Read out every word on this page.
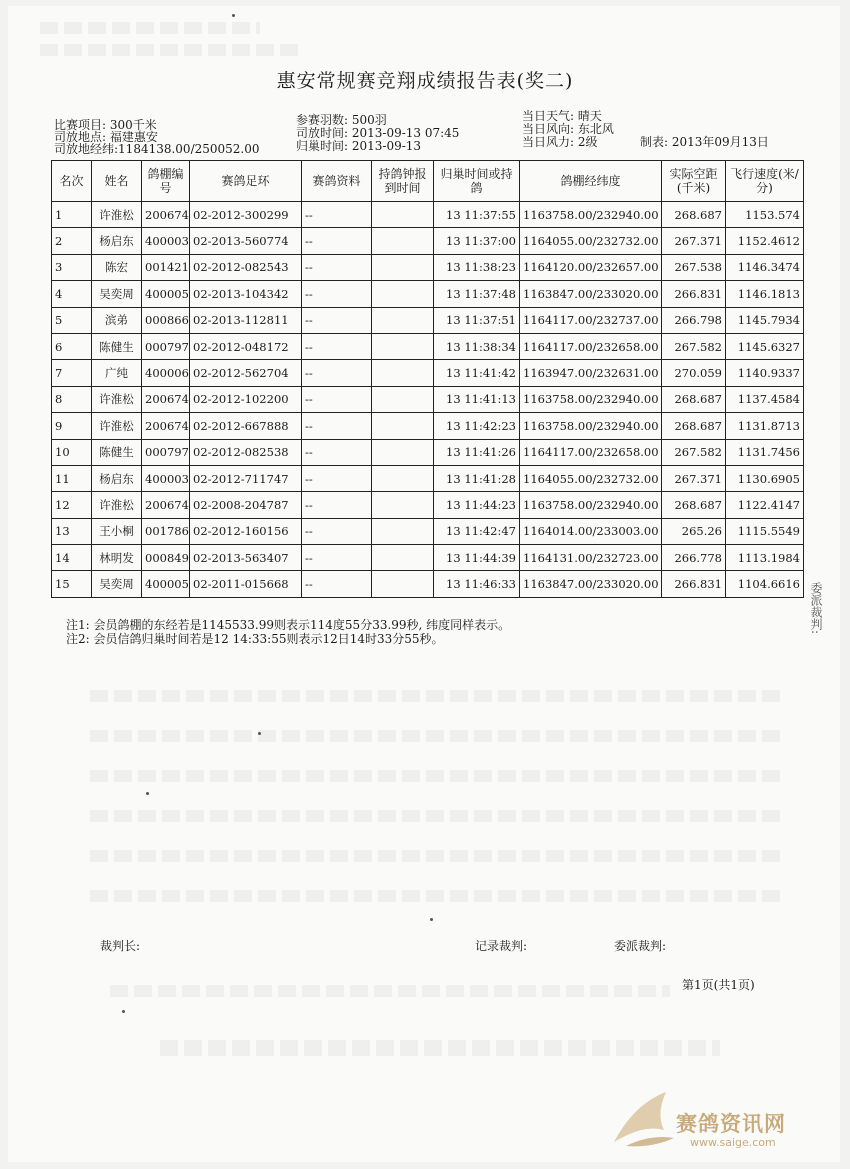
惠安常规赛竞翔成绩报告表(奖二)
比赛项目: 300千米
司放地点: 福建惠安
司放地经纬:1184138.00/250052.00
参赛羽数: 500羽
司放时间: 2013-09-13 07:45
归巢时间: 2013-09-13
当日天气: 晴天
当日风向: 东北风
当日风力: 2级	制表: 2013年09月13日
名次	姓名	鸽棚编号	赛鸽足环	赛鸽资料	持鸽钟报到时间	归巢时间或持鸽	鸽棚经纬度	实际空距(千米)	飞行速度(米/分)
1	许淮松	200674	02-2012-300299	--		13 11:37:55	1163758.00/232940.00	268.687	1153.574
2	杨启东	400003	02-2013-560774	--		13 11:37:00	1164055.00/232732.00	267.371	1152.4612
3	陈宏	001421	02-2012-082543	--		13 11:38:23	1164120.00/232657.00	267.538	1146.3474
4	吴奕周	400005	02-2013-104342	--		13 11:37:48	1163847.00/233020.00	266.831	1146.1813
5	滨弟	000866	02-2013-112811	--		13 11:37:51	1164117.00/232737.00	266.798	1145.7934
6	陈健生	000797	02-2012-048172	--		13 11:38:34	1164117.00/232658.00	267.582	1145.6327
7	广纯	400006	02-2012-562704	--		13 11:41:42	1163947.00/232631.00	270.059	1140.9337
8	许淮松	200674	02-2012-102200	--		13 11:41:13	1163758.00/232940.00	268.687	1137.4584
9	许淮松	200674	02-2012-667888	--		13 11:42:23	1163758.00/232940.00	268.687	1131.8713
10	陈健生	000797	02-2012-082538	--		13 11:41:26	1164117.00/232658.00	267.582	1131.7456
11	杨启东	400003	02-2012-711747	--		13 11:41:28	1164055.00/232732.00	267.371	1130.6905
12	许淮松	200674	02-2008-204787	--		13 11:44:23	1163758.00/232940.00	268.687	1122.4147
13	王小桐	001786	02-2012-160156	--		13 11:42:47	1164014.00/233003.00	265.26	1115.5549
14	林明发	000849	02-2013-563407	--		13 11:44:39	1164131.00/232723.00	266.778	1113.1984
15	吴奕周	400005	02-2011-015668	--		13 11:46:33	1163847.00/233020.00	266.831	1104.6616
注1: 会员鸽棚的东经若是1145533.99则表示114度55分33.99秒, 纬度同样表示。
注2: 会员信鸽归巢时间若是12 14:33:55则表示12日14时33分55秒。
委派裁判:
裁判长:	记录裁判:	委派裁判:
第1页(共1页)
赛鸽资讯网
www.saige.com
